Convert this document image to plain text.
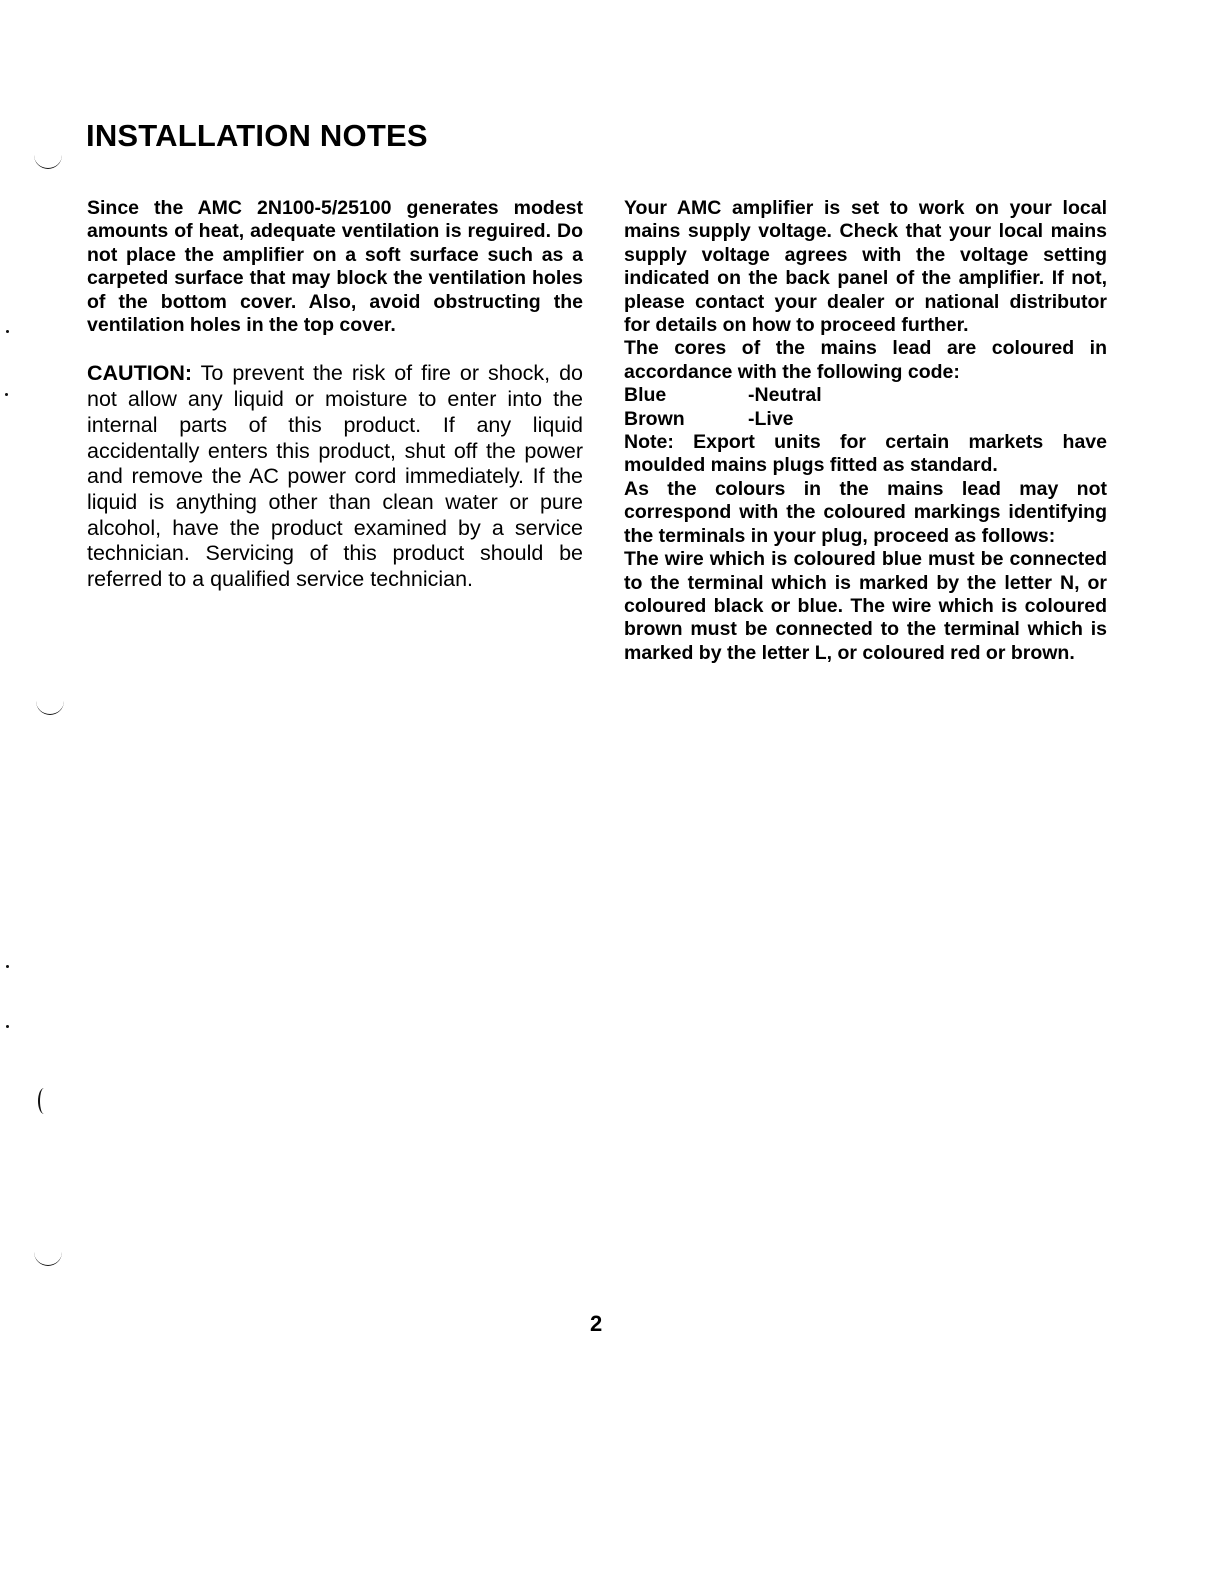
INSTALLATION NOTES

Since the AMC 2N100-5/25100 generates modest amounts of heat, adequate ventilation is reguired. Do not place the amplifier on a soft surface such as a carpeted surface that may block the ventilation holes of the bottom cover. Also, avoid obstructing the ventilation holes in the top cover.

CAUTION: To prevent the risk of fire or shock, do not allow any liquid or moisture to enter into the internal parts of this product. If any liquid accidentally enters this product, shut off the power and remove the AC power cord immediately. If the liquid is anything other than clean water or pure alcohol, have the product examined by a service technician. Servicing of this product should be referred to a qualified service technician.

Your AMC amplifier is set to work on your local mains supply voltage. Check that your local mains supply voltage agrees with the voltage setting indicated on the back panel of the amplifier. If not, please contact your dealer or national distributor for details on how to proceed further.

The cores of the mains lead are coloured in accordance with the following code:

Blue	-Neutral
Brown	-Live

Note: Export units for certain markets have moulded mains plugs fitted as standard.

As the colours in the mains lead may not correspond with the coloured markings identifying the terminals in your plug, proceed as follows:

The wire which is coloured blue must be connected to the terminal which is marked by the letter N, or coloured black or blue. The wire which is coloured brown must be connected to the terminal which is marked by the letter L, or coloured red or brown.

2
